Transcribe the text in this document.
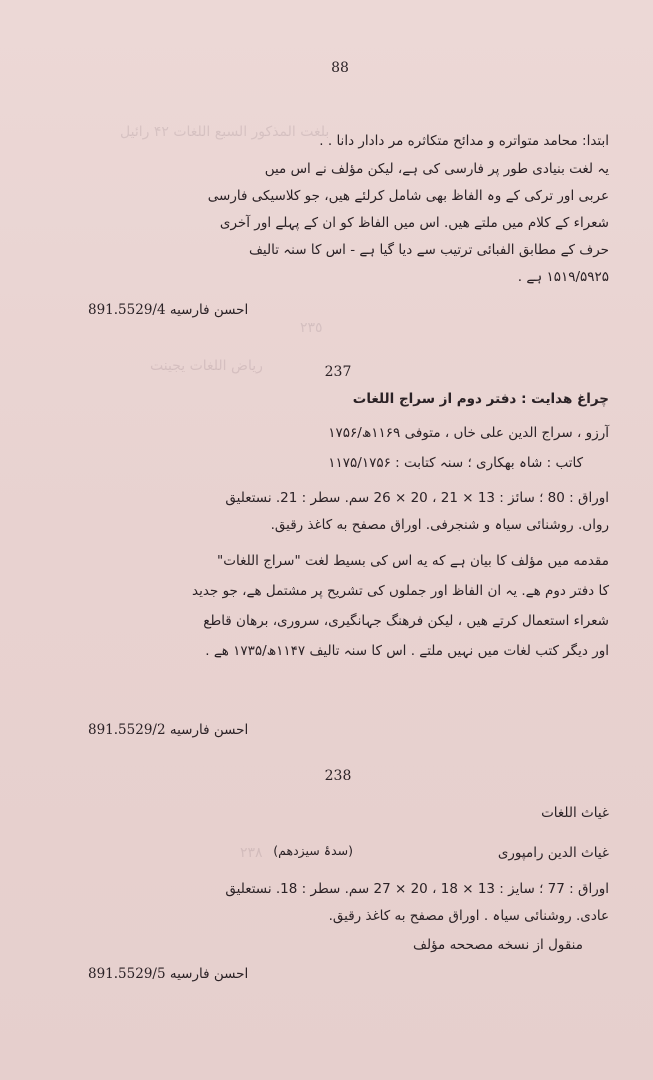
ﺑﻠﻐﺖ ﺍﻟﻤﺬﻛﻮﺭ ﺍﻟﺴﺒﻊ ﺍﻟﻠﻐﺎﺕ ۴۲ ﺭﺍﺋﻴﻞ
٢٣٥
ﺭﻳﺎﺽ ﺍﻟﻠﻐﺎﺕ ﻳﺠﻴﻨﺖ
٢٣٨
88
ابتدا: محامد متواتره و مدائح متکاثره مر دادار دانا . .
یہ لغت بنیادی طور پر فارسی کی ہے، لیکن مؤلف نے اس میں
عربی اور ترکی کے وہ الفاظ بھی شامل کرلئے ھیں، جو کلاسیکی فارسی
شعراء کے کلام میں ملتے ھیں. اس میں الفاظ کو ان کے پہلے اور آخری
حرف کے مطابق الفبائی ترتیب سے دیا گیا ہے - اس کا سنہ تالیف
۱۵۱۹/۵۹۲۵ ہے .
احسن فارسیه 891.5529/4
237
چراغ هدایت : دفتر دوم از سراج اللغات
آرزو ، سراج الدین علی خاں ، متوفی ۱۱۶۹ھ/۱۷۵۶
کاتب : شاہ بھکاری ؛ سنہ کتابت : ۱۱۷۵/۱۷۵۶
اوراق : 80 ؛ سائز : 13 × 21 ، 20 × 26 سم. سطر : 21. نستعلیق
رواں. روشنائی سیاہ و شنجرفی. اوراق مصفح به کاغذ رقیق.
مقدمه میں مؤلف کا بیان ہے که یه اس کی بسیط لغت "سراج اللغات"
کا دفتر دوم ھے. یہ ان الفاظ اور جملوں کی تشریح پر مشتمل ھے، جو جدید
شعراء استعمال کرتے ھیں ، لیکن فرھنگ جہانگیری، سروری، برھان قاطع
اور دیگر کتب لغات میں نہیں ملتے . اس کا سنہ تالیف ۱۱۴۷ھ/۱۷۳۵ ھے .
احسن فارسیه 891.5529/2
238
غیاث اللغات
غیاث الدین رامپوری
(سدۂ سیزدھم)
اوراق : 77 ؛ سایز : 13 × 18 ، 20 × 27 سم. سطر : 18. نستعلیق
عادی. روشنائی سیاہ . اوراق مصفح به کاغذ رقیق.
منقول از نسخه مصححه مؤلف
احسن فارسیه 891.5529/5
